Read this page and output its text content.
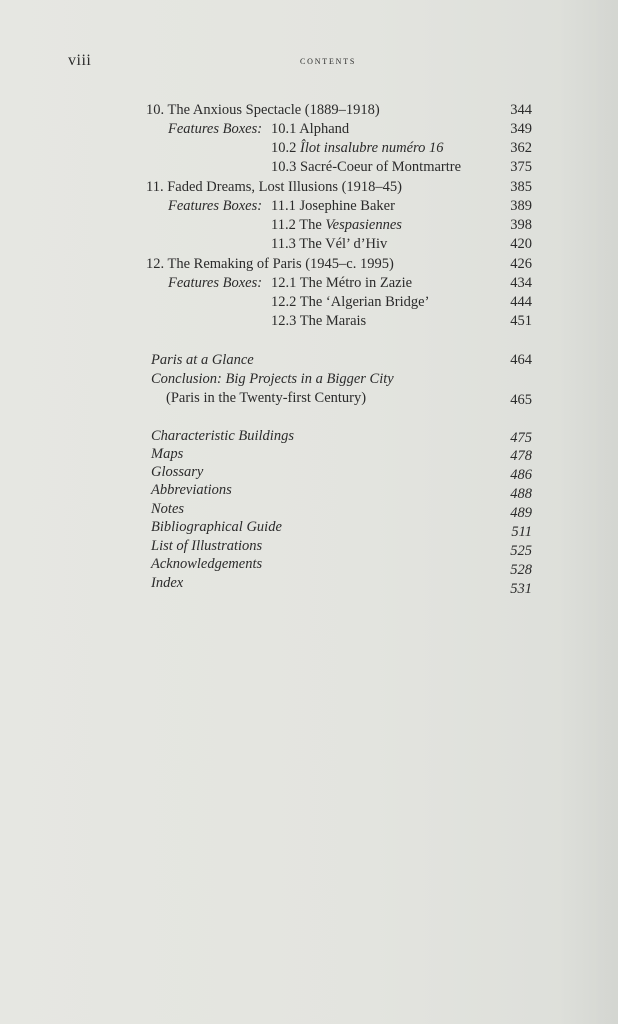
viii	contents
10. The Anxious Spectacle (1889–1918)	344
Features Boxes: 10.1 Alphand	349
10.2 Îlot insalubre numéro 16	362
10.3 Sacré-Coeur of Montmartre	375
11. Faded Dreams, Lost Illusions (1918–45)	385
Features Boxes: 11.1 Josephine Baker	389
11.2 The Vespasiennes	398
11.3 The Vél’ d’Hiv	420
12. The Remaking of Paris (1945–c. 1995)	426
Features Boxes: 12.1 The Métro in Zazie	434
12.2 The ‘Algerian Bridge’	444
12.3 The Marais	451
Paris at a Glance	464
Conclusion: Big Projects in a Bigger City
(Paris in the Twenty-first Century)	465
Characteristic Buildings	475
Maps	478
Glossary	486
Abbreviations	488
Notes	489
Bibliographical Guide	511
List of Illustrations	525
Acknowledgements	528
Index	531
